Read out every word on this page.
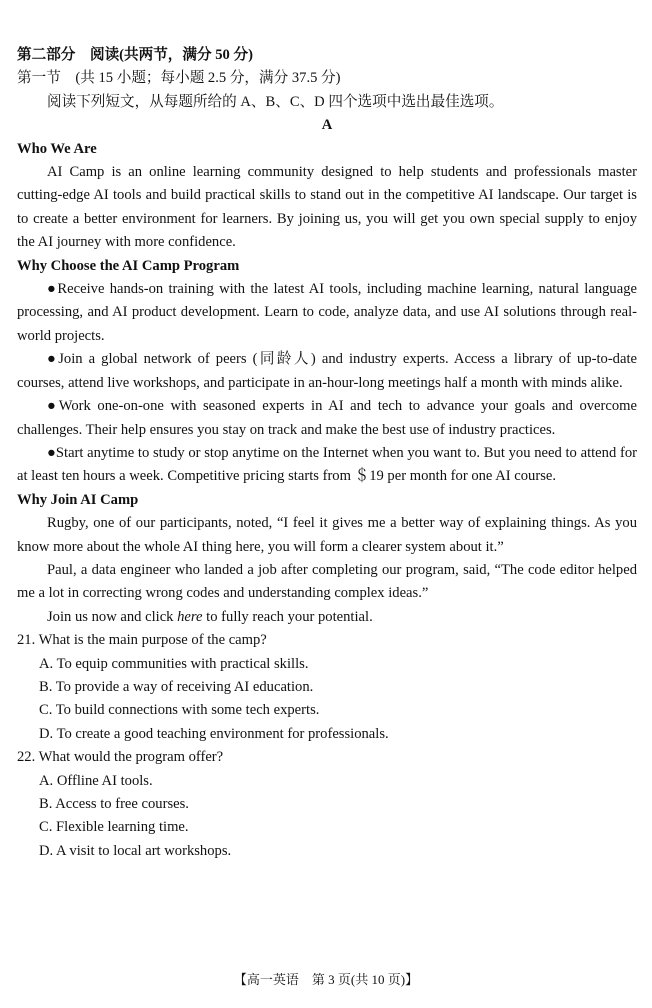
第二部分　阅读(共两节，满分 50 分)

第一节　(共 15 小题；每小题 2.5 分，满分 37.5 分)

阅读下列短文，从每题所给的 A、B、C、D 四个选项中选出最佳选项。

A

Who We Are

AI Camp is an online learning community designed to help students and professionals master cutting-edge AI tools and build practical skills to stand out in the competitive AI landscape. Our target is to create a better environment for learners. By joining us, you will get you own special supply to enjoy the AI journey with more confidence.

Why Choose the AI Camp Program

●Receive hands-on training with the latest AI tools, including machine learning, natural language processing, and AI product development. Learn to code, analyze data, and use AI solutions through real-world projects.

●Join a global network of peers (同龄人) and industry experts. Access a library of up-to-date courses, attend live workshops, and participate in an-hour-long meetings half a month with minds alike.

●Work one-on-one with seasoned experts in AI and tech to advance your goals and overcome challenges. Their help ensures you stay on track and make the best use of industry practices.

●Start anytime to study or stop anytime on the Internet when you want to. But you need to attend for at least ten hours a week. Competitive pricing starts from ＄19 per month for one AI course.

Why Join AI Camp

Rugby, one of our participants, noted, “I feel it gives me a better way of explaining things. As you know more about the whole AI thing here, you will form a clearer system about it.”

Paul, a data engineer who landed a job after completing our program, said, “The code editor helped me a lot in correcting wrong codes and understanding complex ideas.”

Join us now and click here to fully reach your potential.

21. What is the main purpose of the camp?

A. To equip communities with practical skills.

B. To provide a way of receiving AI education.

C. To build connections with some tech experts.

D. To create a good teaching environment for professionals.

22. What would the program offer?

A. Offline AI tools.

B. Access to free courses.

C. Flexible learning time.

D. A visit to local art workshops.

【高一英语　第 3 页(共 10 页)】
